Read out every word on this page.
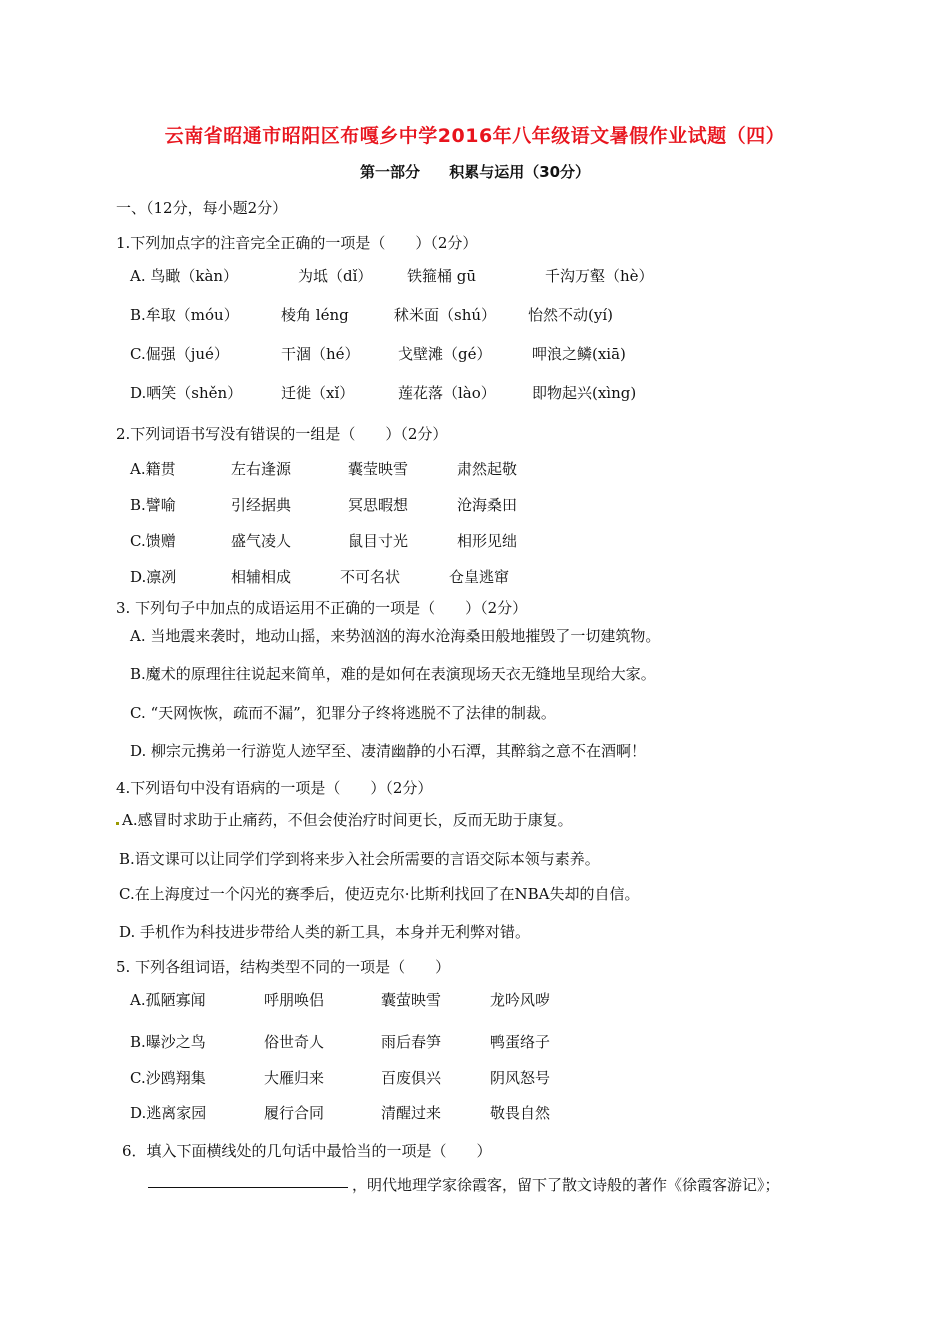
云南省昭通市昭阳区布嘎乡中学2016年八年级语文暑假作业试题（四）
第一部分 积累与运用（30分）
一、（12分，每小题2分）
1.下列加点字的注音完全正确的一项是（　　）（2分）
A. 鸟瞰（kàn）	为坻（dǐ） 铁箍桶 gū	千沟万壑（hè）
B.牟取（móu）	棱角 léng	秫米面（shú） 怡然不动(yí)
C.倔强（jué）	干涸（hé）	戈壁滩（gé）	呷浪之鳞(xiā)
D.哂笑（shěn）	迁徙（xǐ）	莲花落（lào） 即物起兴(xìng)
2.下列词语书写没有错误的一组是（　　）（2分）
A.籍贯	左右逢源	囊莹映雪	肃然起敬
B.譬喻	引经据典	冥思暇想	沧海桑田
C.馈赠	盛气凌人	鼠目寸光	相形见绌
D.凛冽	相辅相成	不可名状	仓皇逃窜
3. 下列句子中加点的成语运用不正确的一项是（　　）（2分）
A. 当地震来袭时，地动山摇，来势汹汹的海水沧海桑田般地摧毁了一切建筑物。
B.魔术的原理往往说起来简单，难的是如何在表演现场天衣无缝地呈现给大家。
C. “天网恢恢，疏而不漏”，犯罪分子终将逃脱不了法律的制裁。
D. 柳宗元携弟一行游览人迹罕至、凄清幽静的小石潭，其醉翁之意不在酒啊！
4.下列语句中没有语病的一项是（　　）（2分）
A.感冒时求助于止痛药，不但会使治疗时间更长，反而无助于康复。
B.语文课可以让同学们学到将来步入社会所需要的言语交际本领与素养。
C.在上海度过一个闪光的赛季后，使迈克尔·比斯利找回了在NBA失却的自信。
D. 手机作为科技进步带给人类的新工具，本身并无利弊对错。
5. 下列各组词语，结构类型不同的一项是（　　）
A.孤陋寡闻	呼朋唤侣	囊萤映雪	龙吟风哕
B.曝沙之鸟	俗世奇人	雨后春笋	鸭蛋络子
C.沙鸥翔集	大雁归来	百废俱兴	阴风怒号
D.逃离家园	履行合同	清醒过来	敬畏自然
6．填入下面横线处的几句话中最恰当的一项是（　　）
，明代地理学家徐霞客，留下了散文诗般的著作《徐霞客游记》；
